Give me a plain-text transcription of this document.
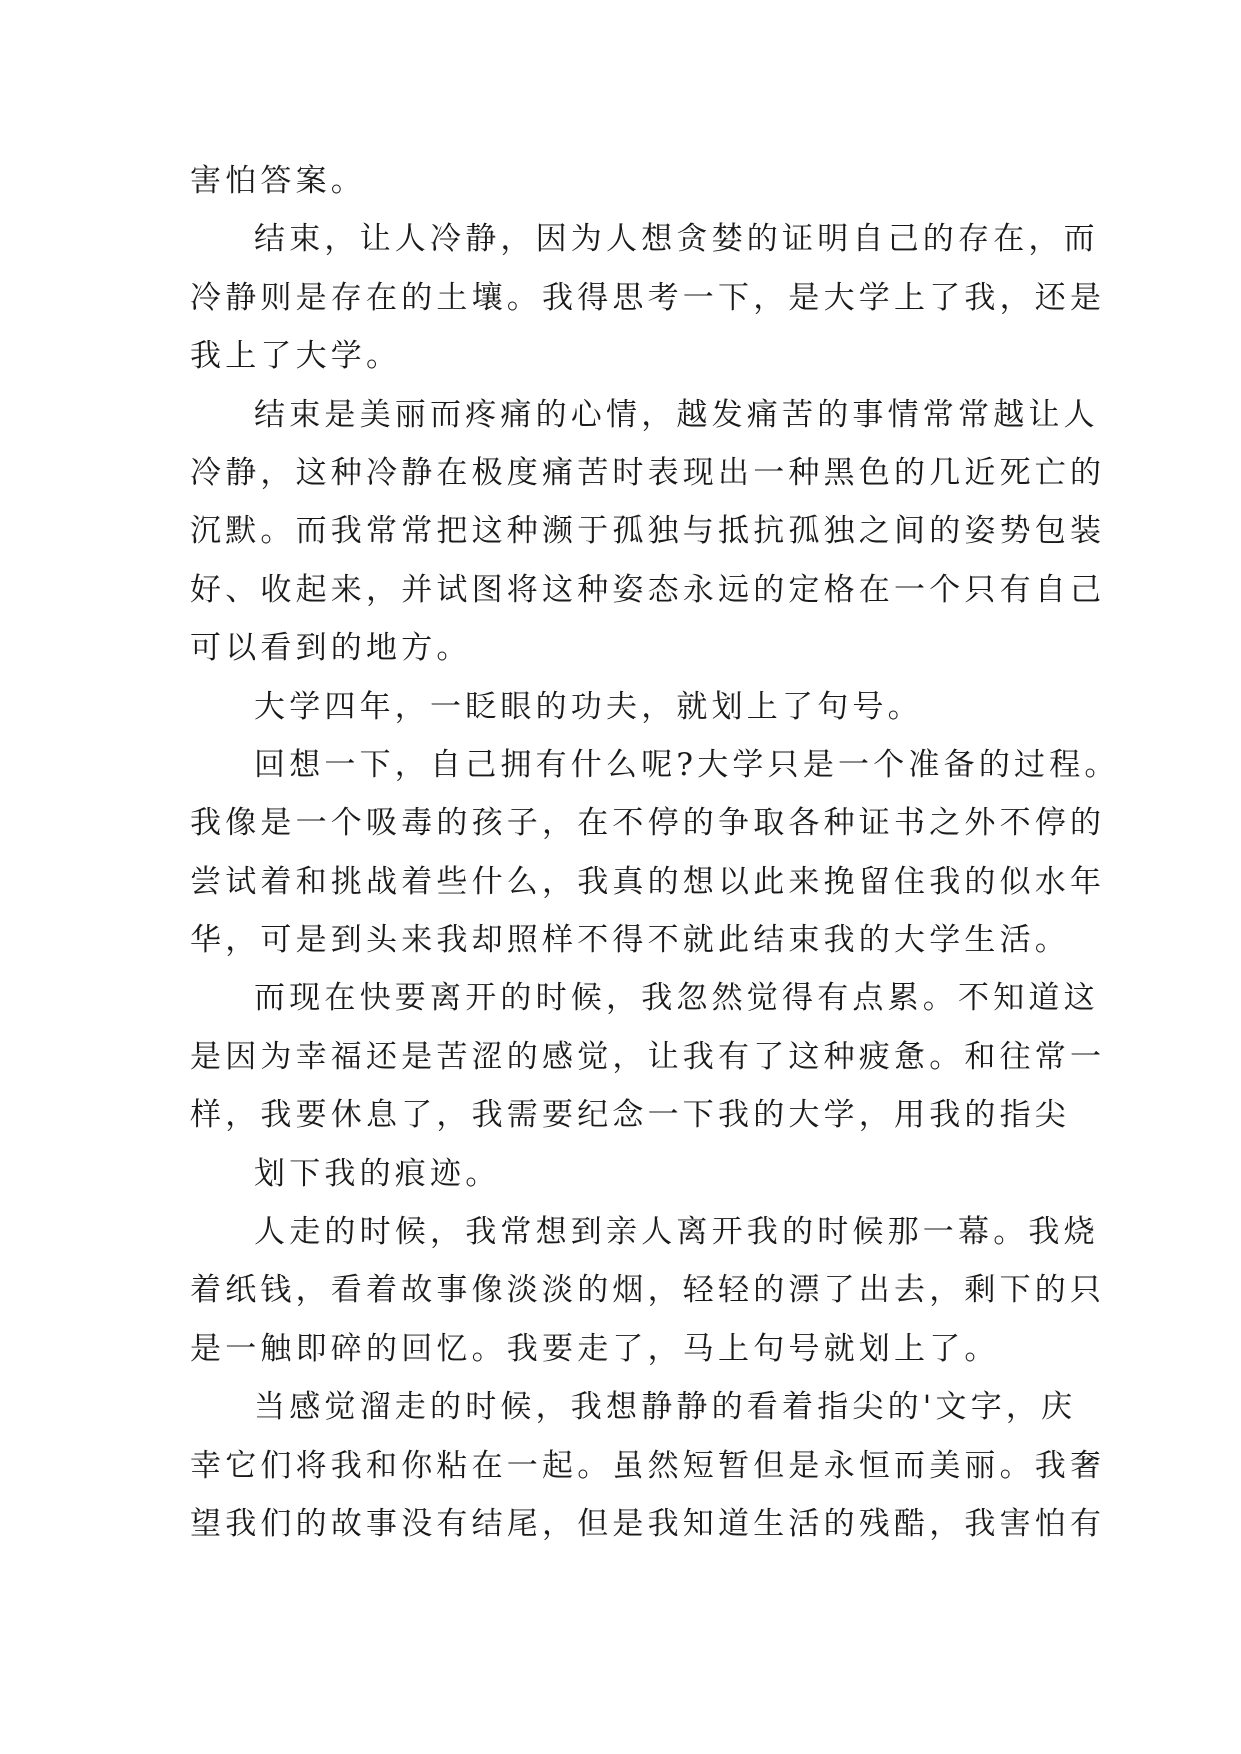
害怕答案。
结束，让人冷静，因为人想贪婪的证明自己的存在，而
冷静则是存在的土壤。我得思考一下，是大学上了我，还是
我上了大学。
结束是美丽而疼痛的心情，越发痛苦的事情常常越让人
冷静，这种冷静在极度痛苦时表现出一种黑色的几近死亡的
沉默。而我常常把这种濒于孤独与抵抗孤独之间的姿势包装
好、收起来，并试图将这种姿态永远的定格在一个只有自己
可以看到的地方。
大学四年，一眨眼的功夫，就划上了句号。
回想一下，自己拥有什么呢?大学只是一个准备的过程。
我像是一个吸毒的孩子，在不停的争取各种证书之外不停的
尝试着和挑战着些什么，我真的想以此来挽留住我的似水年
华，可是到头来我却照样不得不就此结束我的大学生活。
而现在快要离开的时候，我忽然觉得有点累。不知道这
是因为幸福还是苦涩的感觉，让我有了这种疲惫。和往常一
样，我要休息了，我需要纪念一下我的大学，用我的指尖
划下我的痕迹。
人走的时候，我常想到亲人离开我的时候那一幕。我烧
着纸钱，看着故事像淡淡的烟，轻轻的漂了出去，剩下的只
是一触即碎的回忆。我要走了，马上句号就划上了。
当感觉溜走的时候，我想静静的看着指尖的'文字，庆
幸它们将我和你粘在一起。虽然短暂但是永恒而美丽。我奢
望我们的故事没有结尾，但是我知道生活的残酷，我害怕有
